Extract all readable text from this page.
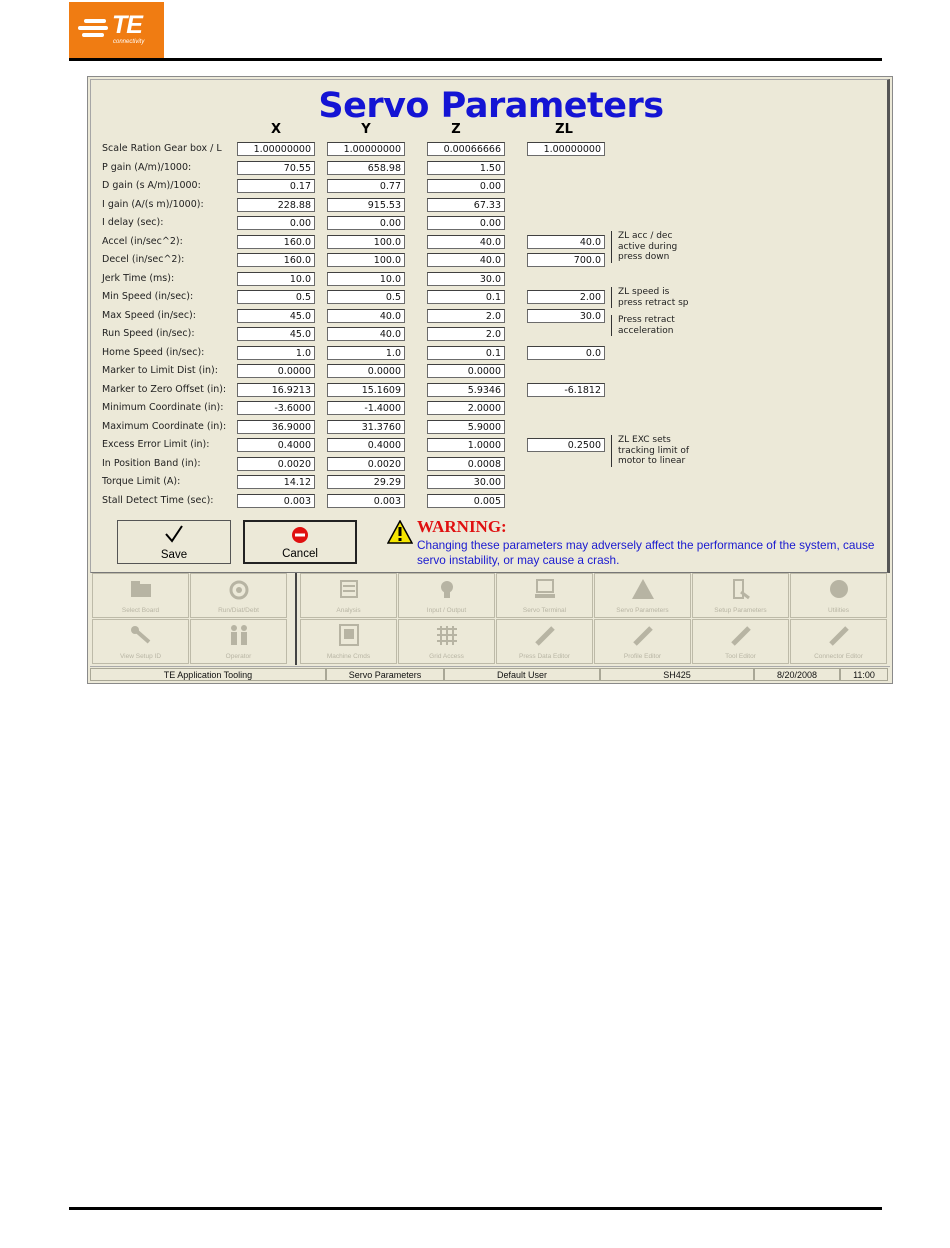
TE
connectivity
Servo Parameters
X	Y	Z	ZL
Scale Ration Gear box / L	1.00000000	1.00000000	0.00066666	1.00000000
P gain (A/m)/1000:	70.55	658.98	1.50
D gain (s A/m)/1000:	0.17	0.77	0.00
I gain (A/(s m)/1000):	228.88	915.53	67.33
I delay (sec):	0.00	0.00	0.00
Accel (in/sec^2):	160.0	100.0	40.0	40.0
Decel (in/sec^2):	160.0	100.0	40.0	700.0
Jerk Time (ms):	10.0	10.0	30.0
Min Speed (in/sec):	0.5	0.5	0.1	2.00
Max Speed (in/sec):	45.0	40.0	2.0	30.0
Run Speed (in/sec):	45.0	40.0	2.0
Home Speed (in/sec):	1.0	1.0	0.1	0.0
Marker to Limit Dist (in):	0.0000	0.0000	0.0000
Marker to Zero Offset (in):	16.9213	15.1609	5.9346	-6.1812
Minimum Coordinate (in):	-3.6000	-1.4000	2.0000
Maximum Coordinate (in):	36.9000	31.3760	5.9000
Excess Error Limit (in):	0.4000	0.4000	1.0000	0.2500
In Position Band (in):	0.0020	0.0020	0.0008
Torque Limit (A):	14.12	29.29	30.00
Stall Detect Time (sec):	0.003	0.003	0.005
ZL acc / dec
active during
press down
ZL speed is
press retract sp
Press retract
acceleration
ZL EXC sets
tracking limit of
motor to linear
Save	Cancel
WARNING:
Changing these parameters may adversely affect the performance of the system, cause servo instability, or may cause a crash.
Select Board	Run/Diat/Debt	Analysis	Input / Output	Servo Terminal	Servo Parameters	Setup Parameters	Utilities
View Setup ID	Operator	Machine Cmds	Grid Access	Press Data Editor	Profile Editor	Tool Editor	Connector Editor
TE Application Tooling	Servo Parameters	Default User	SH425	8/20/2008	11:00
